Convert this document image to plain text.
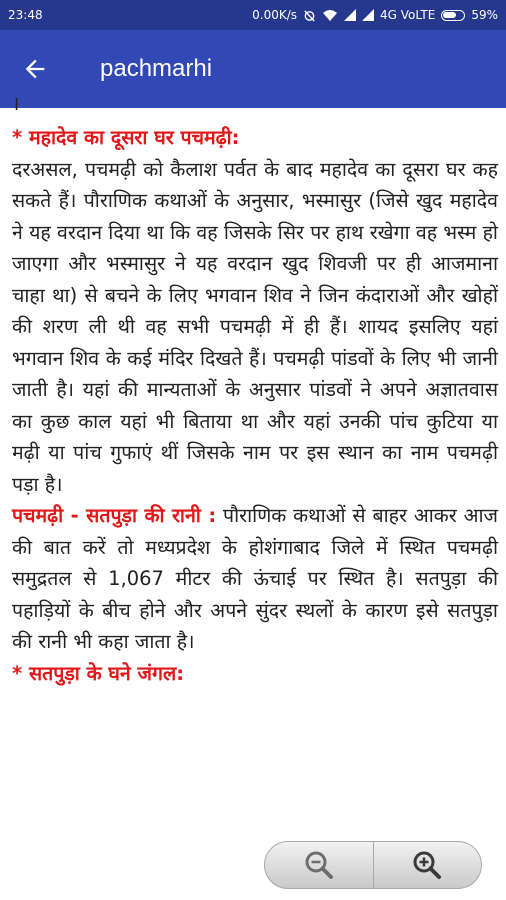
23:48	0.00K/s	4G VoLTE	59%
pachmarhi
।

* महादेव का दूसरा घर पचमढ़ी:

दरअसल, पचमढ़ी को कैलाश पर्वत के बाद महादेव का दूसरा घर कह सकते हैं। पौराणिक कथाओं के अनुसार, भस्मासुर (जिसे खुद महादेव ने यह वरदान दिया था कि वह जिसके सिर पर हाथ रखेगा वह भस्म हो जाएगा और भस्मासुर ने यह वरदान खुद शिवजी पर ही आजमाना चाहा था) से बचने के लिए भगवान शिव ने जिन कंदाराओं और खोहों की शरण ली थी वह सभी पचमढ़ी में ही हैं। शायद इसलिए यहां भगवान शिव के कई मंदिर दिखते हैं। पचमढ़ी पांडवों के लिए भी जानी जाती है। यहां की मान्यताओं के अनुसार पांडवों ने अपने अज्ञातवास का कुछ काल यहां भी बिताया था और यहां उनकी पांच कुटिया या मढ़ी या पांच गुफाएं थीं जिसके नाम पर इस स्थान का नाम पचमढ़ी पड़ा है।

पचमढ़ी - सतपुड़ा की रानी : पौराणिक कथाओं से बाहर आकर आज की बात करें तो मध्यप्रदेश के होशंगाबाद जिले में स्थित पचमढ़ी समुद्रतल से 1,067 मीटर की ऊंचाई पर स्थित है। सतपुड़ा की पहाड़ियों के बीच होने और अपने सुंदर स्थलों के कारण इसे सतपुड़ा की रानी भी कहा जाता है।

* सतपुड़ा के घने जंगल:
